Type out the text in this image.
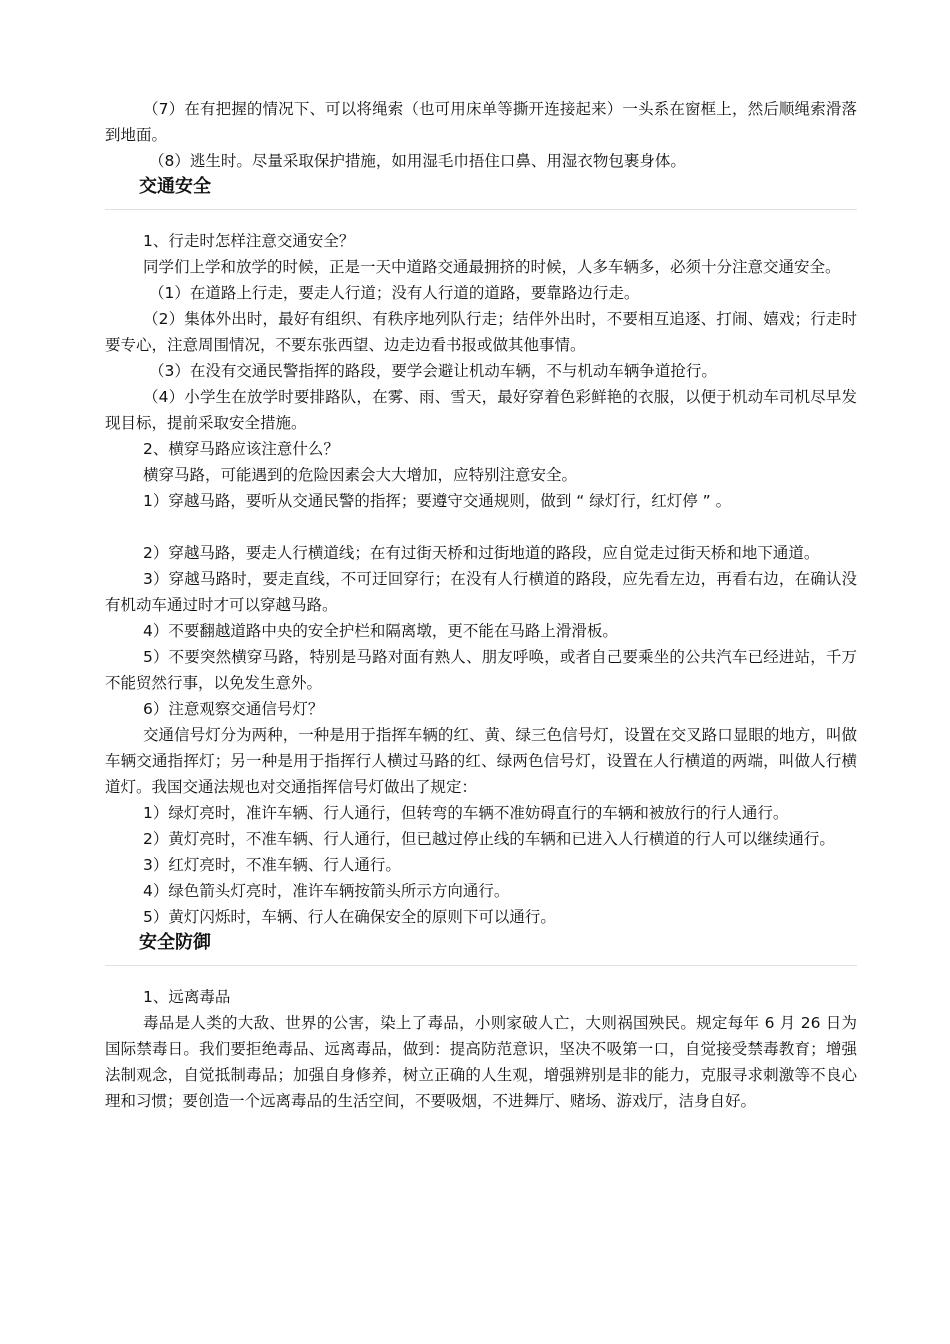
（7）在有把握的情况下、可以将绳索（也可用床单等撕开连接起来）一头系在窗框上，然后顺绳索滑落到地面。

（8）逃生时。尽量采取保护措施，如用湿毛巾捂住口鼻、用湿衣物包裹身体。

交通安全

1、行走时怎样注意交通安全？

同学们上学和放学的时候，正是一天中道路交通最拥挤的时候，人多车辆多，必须十分注意交通安全。

（1）在道路上行走，要走人行道；没有人行道的道路，要靠路边行走。

（2）集体外出时，最好有组织、有秩序地列队行走；结伴外出时，不要相互追逐、打闹、嬉戏；行走时要专心，注意周围情况，不要东张西望、边走边看书报或做其他事情。

（3）在没有交通民警指挥的路段，要学会避让机动车辆，不与机动车辆争道抢行。

（4）小学生在放学时要排路队，在雾、雨、雪天，最好穿着色彩鲜艳的衣服，以便于机动车司机尽早发现目标，提前采取安全措施。

2、横穿马路应该注意什么？

横穿马路，可能遇到的危险因素会大大增加，应特别注意安全。

1）穿越马路，要听从交通民警的指挥；要遵守交通规则，做到 “ 绿灯行，红灯停 ” 。

2）穿越马路，要走人行横道线；在有过街天桥和过街地道的路段，应自觉走过街天桥和地下通道。

3）穿越马路时，要走直线，不可迂回穿行；在没有人行横道的路段，应先看左边，再看右边，在确认没有机动车通过时才可以穿越马路。

4）不要翻越道路中央的安全护栏和隔离墩，更不能在马路上滑滑板。

5）不要突然横穿马路，特别是马路对面有熟人、朋友呼唤，或者自己要乘坐的公共汽车已经进站，千万不能贸然行事，以免发生意外。

6）注意观察交通信号灯？

交通信号灯分为两种，一种是用于指挥车辆的红、黄、绿三色信号灯，设置在交叉路口显眼的地方，叫做车辆交通指挥灯；另一种是用于指挥行人横过马路的红、绿两色信号灯，设置在人行横道的两端，叫做人行横道灯。我国交通法规也对交通指挥信号灯做出了规定：

1）绿灯亮时，准许车辆、行人通行，但转弯的车辆不准妨碍直行的车辆和被放行的行人通行。

2）黄灯亮时，不准车辆、行人通行，但已越过停止线的车辆和已进入人行横道的行人可以继续通行。

3）红灯亮时，不准车辆、行人通行。

4）绿色箭头灯亮时，准许车辆按箭头所示方向通行。

5）黄灯闪烁时，车辆、行人在确保安全的原则下可以通行。

安全防御

1、远离毒品

毒品是人类的大敌、世界的公害，染上了毒品，小则家破人亡，大则祸国殃民。规定每年 6 月 26 日为国际禁毒日。我们要拒绝毒品、远离毒品，做到：提高防范意识，坚决不吸第一口，自觉接受禁毒教育；增强法制观念，自觉抵制毒品；加强自身修养，树立正确的人生观，增强辨别是非的能力，克服寻求刺激等不良心理和习惯；要创造一个远离毒品的生活空间，不要吸烟，不进舞厅、赌场、游戏厅，洁身自好。
